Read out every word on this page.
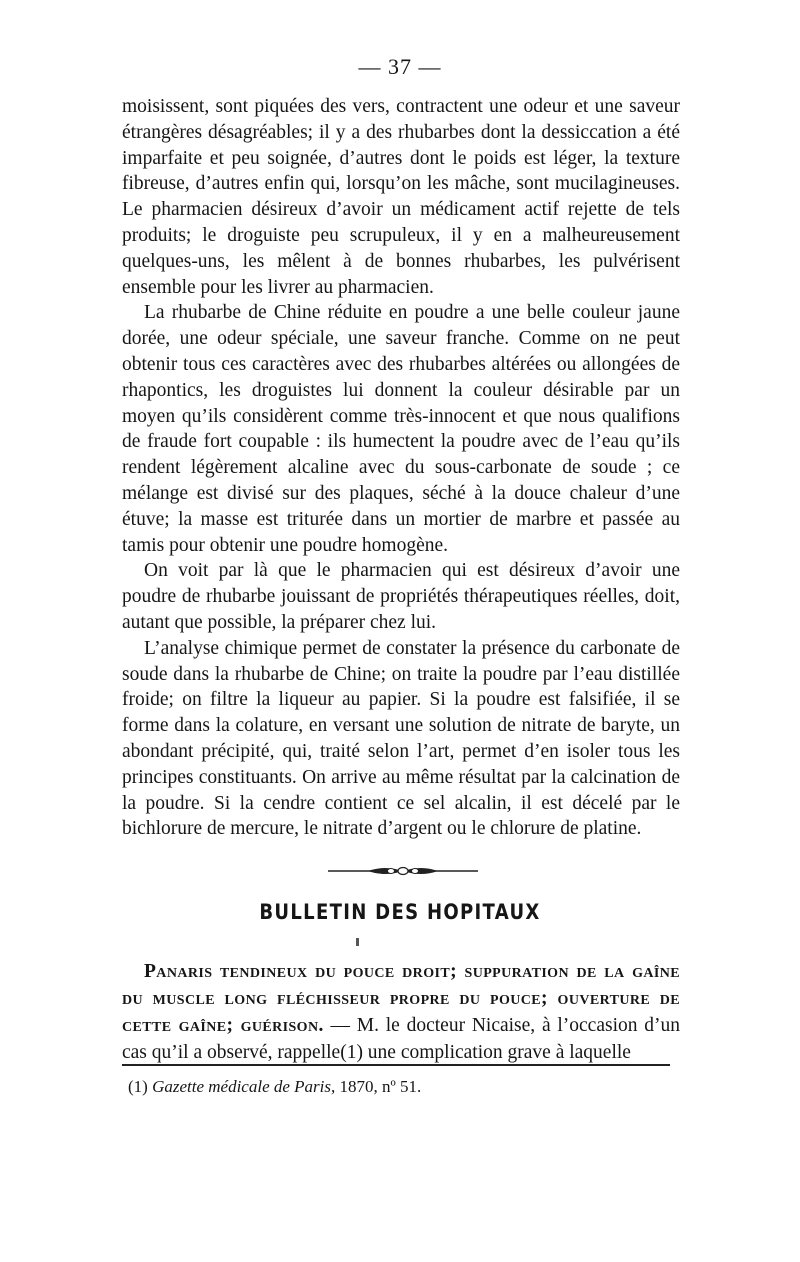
— 37 —

moisissent, sont piquées des vers, contractent une odeur et une saveur étrangères désagréables; il y a des rhubarbes dont la dessiccation a été imparfaite et peu soignée, d’autres dont le poids est léger, la texture fibreuse, d’autres enfin qui, lorsqu’on les mâche, sont mucilagineuses. Le pharmacien désireux d’avoir un médicament actif rejette de tels produits; le droguiste peu scrupuleux, il y en a malheureusement quelques-uns, les mêlent à de bonnes rhubarbes, les pulvérisent ensemble pour les livrer au pharmacien.

La rhubarbe de Chine réduite en poudre a une belle couleur jaune dorée, une odeur spéciale, une saveur franche. Comme on ne peut obtenir tous ces caractères avec des rhubarbes altérées ou allongées de rhapontics, les droguistes lui donnent la couleur désirable par un moyen qu’ils considèrent comme très-innocent et que nous qualifions de fraude fort coupable : ils humectent la poudre avec de l’eau qu’ils rendent légèrement alcaline avec du sous-carbonate de soude ; ce mélange est divisé sur des plaques, séché à la douce chaleur d’une étuve; la masse est triturée dans un mortier de marbre et passée au tamis pour obtenir une poudre homogène.

On voit par là que le pharmacien qui est désireux d’avoir une poudre de rhubarbe jouissant de propriétés thérapeutiques réelles, doit, autant que possible, la préparer chez lui.

L’analyse chimique permet de constater la présence du carbonate de soude dans la rhubarbe de Chine; on traite la poudre par l’eau distillée froide; on filtre la liqueur au papier. Si la poudre est falsifiée, il se forme dans la colature, en versant une solution de nitrate de baryte, un abondant précipité, qui, traité selon l’art, permet d’en isoler tous les principes constituants. On arrive au même résultat par la calcination de la poudre. Si la cendre contient ce sel alcalin, il est décelé par le bichlorure de mercure, le nitrate d’argent ou le chlorure de platine.

BULLETIN DES HOPITAUX

Panaris tendineux du pouce droit; suppuration de la gaîne du muscle long fléchisseur propre du pouce; ouverture de cette gaîne; guérison. — M. le docteur Nicaise, à l’occasion d’un cas qu’il a observé, rappelle(1) une complication grave à laquelle

(1) Gazette médicale de Paris, 1870, nº 51.
